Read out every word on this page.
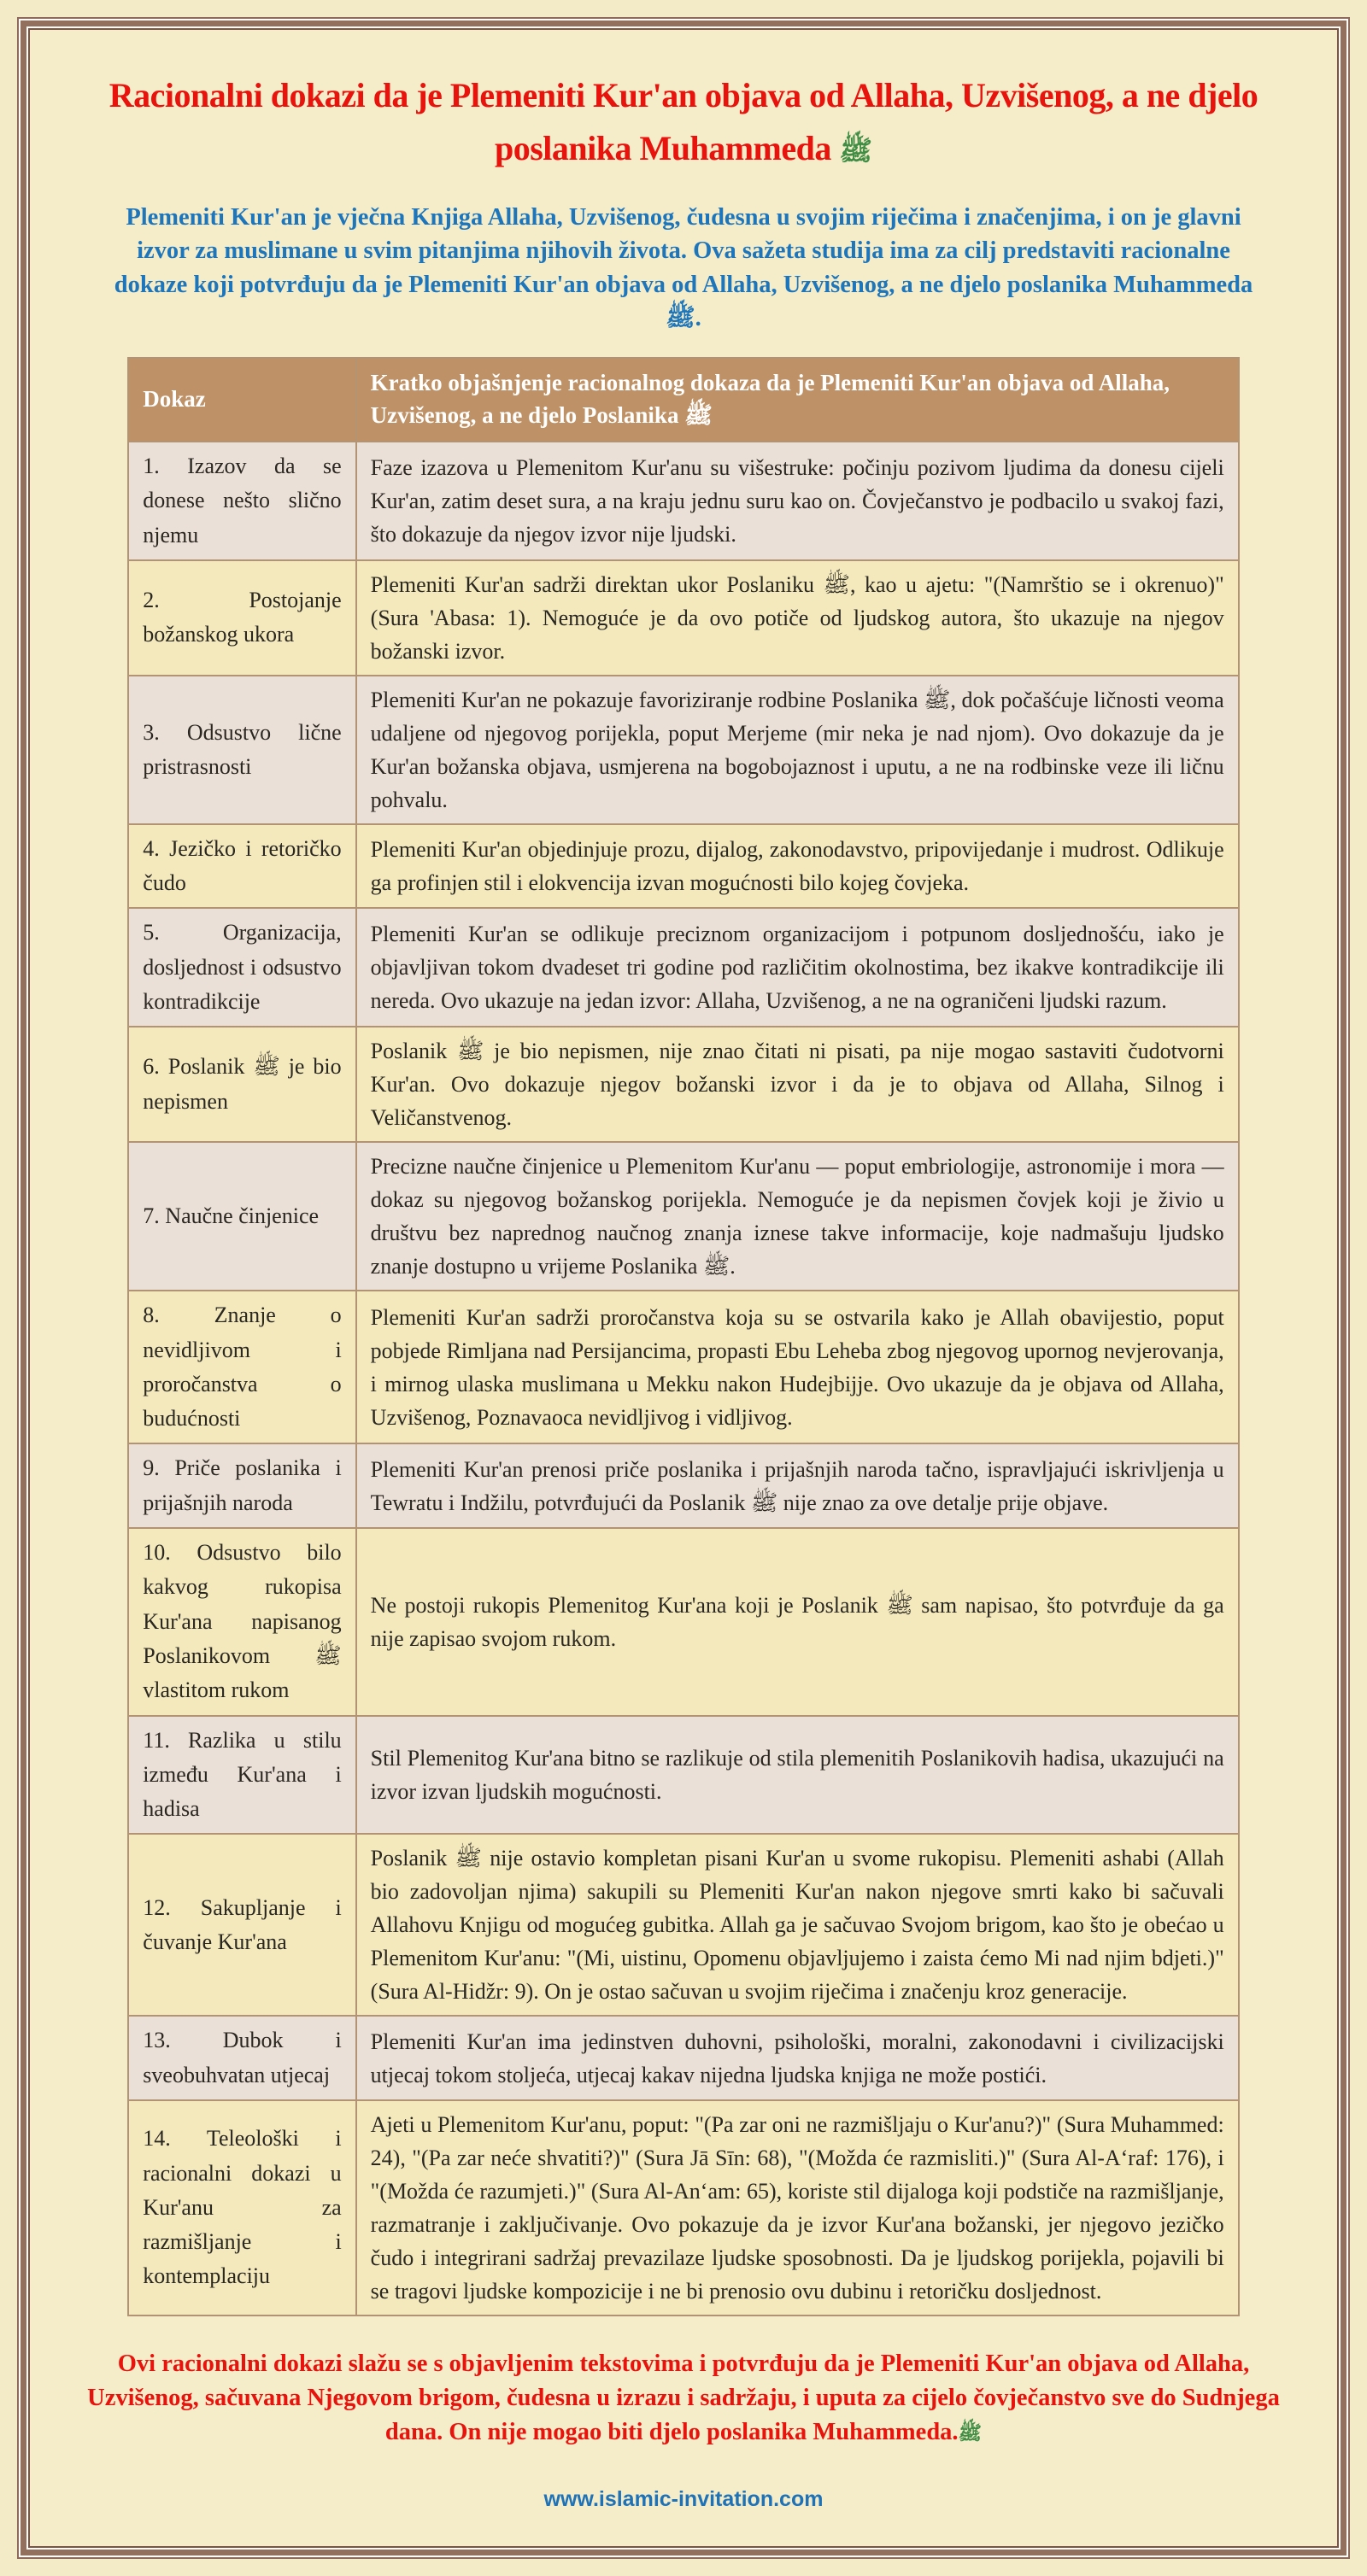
Racionalni dokazi da je Plemeniti Kur'an objava od Allaha, Uzvišenog, a ne djelo
poslanika Muhammeda ﷺ

Plemeniti Kur'an je vječna Knjiga Allaha, Uzvišenog, čudesna u svojim riječima i značenjima, i on je glavni izvor za muslimane u svim pitanjima njihovih života. Ova sažeta studija ima za cilj predstaviti racionalne dokaze koji potvrđuju da je Plemeniti Kur'an objava od Allaha, Uzvišenog, a ne djelo poslanika Muhammeda ﷺ.

Dokaz	Kratko objašnjenje racionalnog dokaza da je Plemeniti Kur'an objava od Allaha, Uzvišenog, a ne djelo Poslanika ﷺ
1. Izazov da se donese nešto slično njemu	Faze izazova u Plemenitom Kur'anu su višestruke: počinju pozivom ljudima da donesu cijeli Kur'an, zatim deset sura, a na kraju jednu suru kao on. Čovječanstvo je podbacilo u svakoj fazi, što dokazuje da njegov izvor nije ljudski.
2. Postojanje božanskog ukora	Plemeniti Kur'an sadrži direktan ukor Poslaniku ﷺ, kao u ajetu: "(Namrštio se i okrenuo)" (Sura 'Abasa: 1). Nemoguće je da ovo potiče od ljudskog autora, što ukazuje na njegov božanski izvor.
3. Odsustvo lične pristrasnosti	Plemeniti Kur'an ne pokazuje favoriziranje rodbine Poslanika ﷺ, dok počašćuje ličnosti veoma udaljene od njegovog porijekla, poput Merjeme (mir neka je nad njom). Ovo dokazuje da je Kur'an božanska objava, usmjerena na bogobojaznost i uputu, a ne na rodbinske veze ili ličnu pohvalu.
4. Jezičko i retoričko čudo	Plemeniti Kur'an objedinjuje prozu, dijalog, zakonodavstvo, pripovijedanje i mudrost. Odlikuje ga profinjen stil i elokvencija izvan mogućnosti bilo kojeg čovjeka.
5. Organizacija, dosljednost i odsustvo kontradikcije	Plemeniti Kur'an se odlikuje preciznom organizacijom i potpunom dosljednošću, iako je objavljivan tokom dvadeset tri godine pod različitim okolnostima, bez ikakve kontradikcije ili nereda. Ovo ukazuje na jedan izvor: Allaha, Uzvišenog, a ne na ograničeni ljudski razum.
6. Poslanik ﷺ je bio nepismen	Poslanik ﷺ je bio nepismen, nije znao čitati ni pisati, pa nije mogao sastaviti čudotvorni Kur'an. Ovo dokazuje njegov božanski izvor i da je to objava od Allaha, Silnog i Veličanstvenog.
7. Naučne činjenice	Precizne naučne činjenice u Plemenitom Kur'anu — poput embriologije, astronomije i mora — dokaz su njegovog božanskog porijekla. Nemoguće je da nepismen čovjek koji je živio u društvu bez naprednog naučnog znanja iznese takve informacije, koje nadmašuju ljudsko znanje dostupno u vrijeme Poslanika ﷺ.
8. Znanje o nevidljivom i proročanstva o budućnosti	Plemeniti Kur'an sadrži proročanstva koja su se ostvarila kako je Allah obavijestio, poput pobjede Rimljana nad Persijancima, propasti Ebu Leheba zbog njegovog upornog nevjerovanja, i mirnog ulaska muslimana u Mekku nakon Hudejbijje. Ovo ukazuje da je objava od Allaha, Uzvišenog, Poznavaoca nevidljivog i vidljivog.
9. Priče poslanika i prijašnjih naroda	Plemeniti Kur'an prenosi priče poslanika i prijašnjih naroda tačno, ispravljajući iskrivljenja u Tewratu i Indžilu, potvrđujući da Poslanik ﷺ nije znao za ove detalje prije objave.
10. Odsustvo bilo kakvog rukopisa Kur'ana napisanog Poslanikovom ﷺ vlastitom rukom	Ne postoji rukopis Plemenitog Kur'ana koji je Poslanik ﷺ sam napisao, što potvrđuje da ga nije zapisao svojom rukom.
11. Razlika u stilu između Kur'ana i hadisa	Stil Plemenitog Kur'ana bitno se razlikuje od stila plemenitih Poslanikovih hadisa, ukazujući na izvor izvan ljudskih mogućnosti.
12. Sakupljanje i čuvanje Kur'ana	Poslanik ﷺ nije ostavio kompletan pisani Kur'an u svome rukopisu. Plemeniti ashabi (Allah bio zadovoljan njima) sakupili su Plemeniti Kur'an nakon njegove smrti kako bi sačuvali Allahovu Knjigu od mogućeg gubitka. Allah ga je sačuvao Svojom brigom, kao što je obećao u Plemenitom Kur'anu: "(Mi, uistinu, Opomenu objavljujemo i zaista ćemo Mi nad njim bdjeti.)" (Sura Al-Hidžr: 9). On je ostao sačuvan u svojim riječima i značenju kroz generacije.
13. Dubok i sveobuhvatan utjecaj	Plemeniti Kur'an ima jedinstven duhovni, psihološki, moralni, zakonodavni i civilizacijski utjecaj tokom stoljeća, utjecaj kakav nijedna ljudska knjiga ne može postići.
14. Teleološki i racionalni dokazi u Kur'anu za razmišljanje i kontemplaciju	Ajeti u Plemenitom Kur'anu, poput: "(Pa zar oni ne razmišljaju o Kur'anu?)" (Sura Muhammed: 24), "(Pa zar neće shvatiti?)" (Sura Jā Sīn: 68), "(Možda će razmisliti.)" (Sura Al-Aʻraf: 176), i "(Možda će razumjeti.)" (Sura Al-Anʻam: 65), koriste stil dijaloga koji podstiče na razmišljanje, razmatranje i zaključivanje. Ovo pokazuje da je izvor Kur'ana božanski, jer njegovo jezičko čudo i integrirani sadržaj prevazilaze ljudske sposobnosti. Da je ljudskog porijekla, pojavili bi se tragovi ljudske kompozicije i ne bi prenosio ovu dubinu i retoričku dosljednost.

Ovi racionalni dokazi slažu se s objavljenim tekstovima i potvrđuju da je Plemeniti Kur'an objava od Allaha, Uzvišenog, sačuvana Njegovom brigom, čudesna u izrazu i sadržaju, i uputa za cijelo čovječanstvo sve do Sudnjega dana. On nije mogao biti djelo poslanika Muhammeda.ﷺ

www.islamic-invitation.com
